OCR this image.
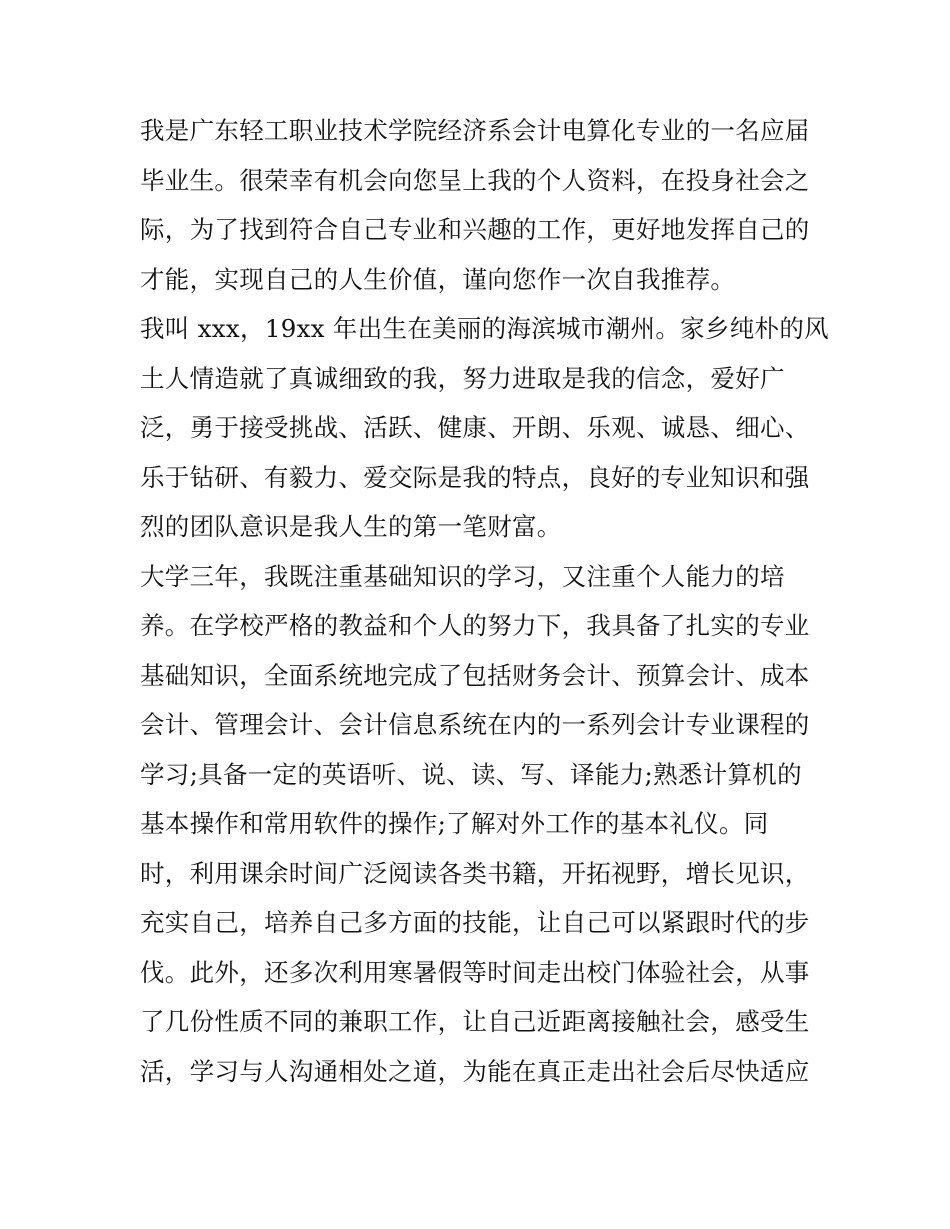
我是广东轻工职业技术学院经济系会计电算化专业的一名应届
毕业生。很荣幸有机会向您呈上我的个人资料，在投身社会之
际，为了找到符合自己专业和兴趣的工作，更好地发挥自己的
才能，实现自己的人生价值，谨向您作一次自我推荐。
我叫 xxx，19xx 年出生在美丽的海滨城市潮州。家乡纯朴的风
土人情造就了真诚细致的我，努力进取是我的信念，爱好广
泛，勇于接受挑战、活跃、健康、开朗、乐观、诚恳、细心、
乐于钻研、有毅力、爱交际是我的特点，良好的专业知识和强
烈的团队意识是我人生的第一笔财富。
大学三年，我既注重基础知识的学习，又注重个人能力的培
养。在学校严格的教益和个人的努力下，我具备了扎实的专业
基础知识，全面系统地完成了包括财务会计、预算会计、成本
会计、管理会计、会计信息系统在内的一系列会计专业课程的
学习;具备一定的英语听、说、读、写、译能力;熟悉计算机的
基本操作和常用软件的操作;了解对外工作的基本礼仪。同
时，利用课余时间广泛阅读各类书籍，开拓视野，增长见识，
充实自己，培养自己多方面的技能，让自己可以紧跟时代的步
伐。此外，还多次利用寒暑假等时间走出校门体验社会，从事
了几份性质不同的兼职工作，让自己近距离接触社会，感受生
活，学习与人沟通相处之道，为能在真正走出社会后尽快适应
